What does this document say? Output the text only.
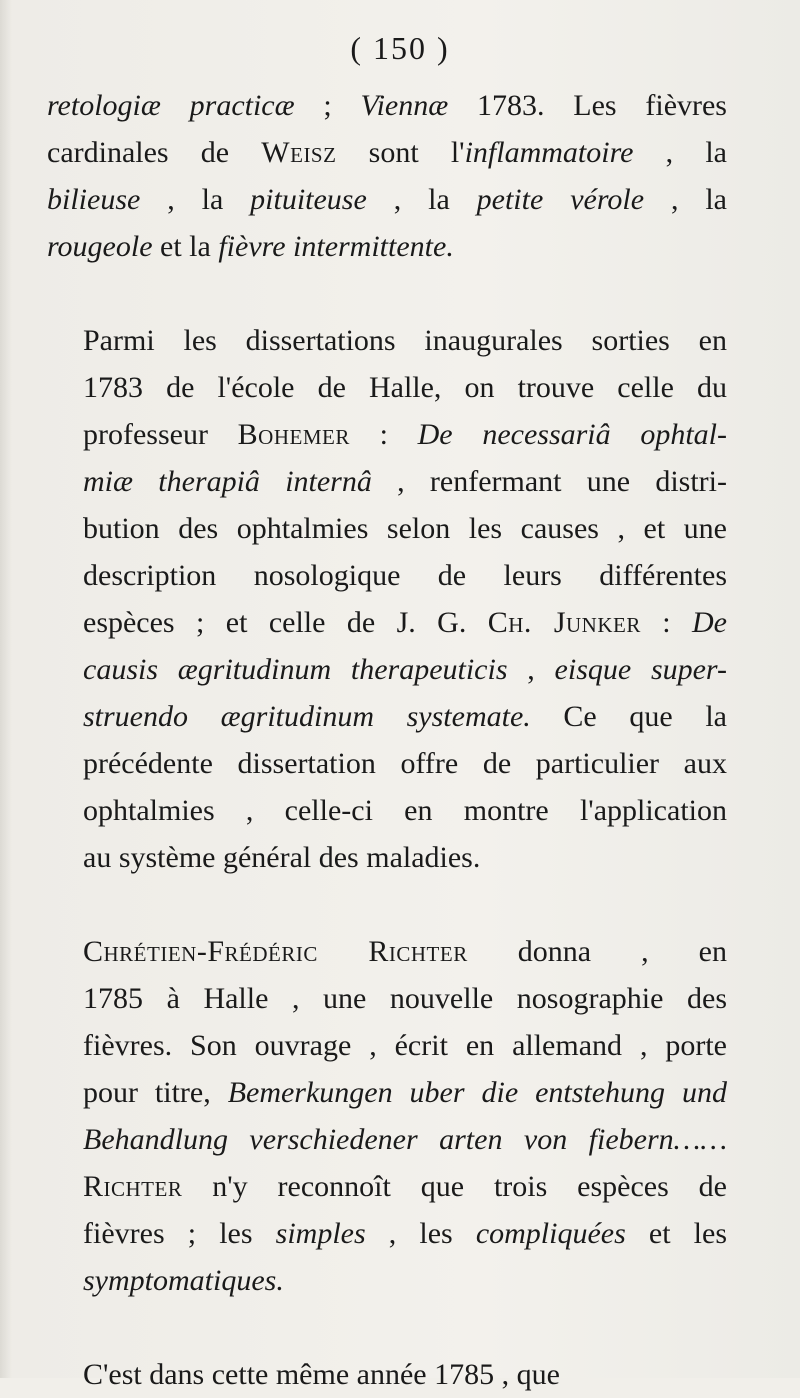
( 150 )

retologiæ practicæ ; Viennæ 1783. Les fièvres
cardinales de Weisz sont l'inflammatoire , la
bilieuse , la pituiteuse , la petite vérole , la
rougeole et la fièvre intermittente.

Parmi les dissertations inaugurales sorties en
1783 de l'école de Halle, on trouve celle du
professeur Bohemer : De necessariâ ophtal-
miæ therapiâ internâ , renfermant une distri-
bution des ophtalmies selon les causes , et une
description nosologique de leurs différentes
espèces ; et celle de J. G. Ch. Junker : De
causis ægritudinum therapeuticis , eisque super-
struendo ægritudinum systemate. Ce que la
précédente dissertation offre de particulier aux
ophtalmies , celle-ci en montre l'application
au système général des maladies.

Chrétien-Frédéric Richter donna , en
1785 à Halle , une nouvelle nosographie des
fièvres. Son ouvrage , écrit en allemand , porte
pour titre, Bemerkungen uber die entstehung und
Behandlung verschiedener arten von fiebern……
Richter n'y reconnoît que trois espèces de
fièvres ; les simples , les compliquées et les
symptomatiques.

C'est dans cette même année 1785 , que
